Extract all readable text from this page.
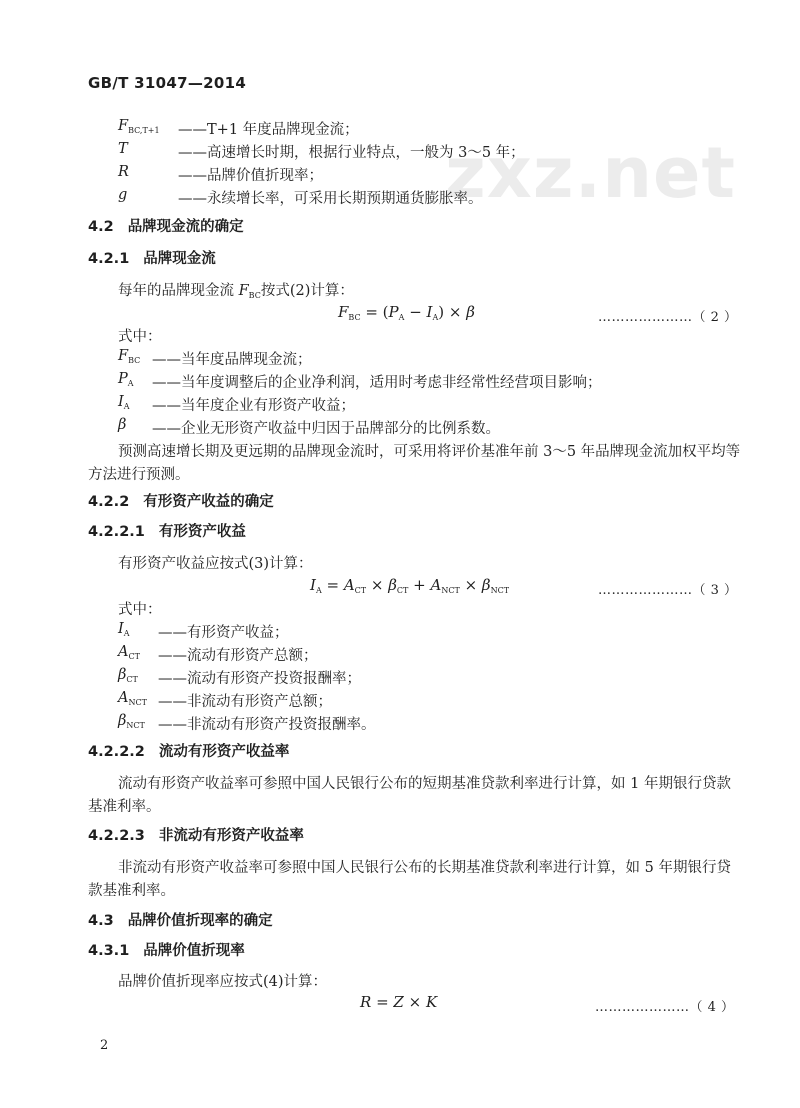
zxz.net
GB/T 31047—2014
$F_{BC,T+1}$ ——T+1 年度品牌现金流；
T	——高速增长时期，根据行业特点，一般为 3～5 年；
R	——品牌价值折现率；
g	——永续增长率，可采用长期预期通货膨胀率。
4.2 品牌现金流的确定
4.2.1 品牌现金流
每年的品牌现金流 $F_{BC}$按式(2)计算：
$F_{BC} = (P_A - I_A) \times \beta$	…………………（ 2 ）
式中：
$F_{BC}$ ——当年度品牌现金流；
$P_A$ ——当年度调整后的企业净利润，适用时考虑非经常性经营项目影响；
$I_A$ ——当年度企业有形资产收益；
β ——企业无形资产收益中归因于品牌部分的比例系数。
预测高速增长期及更远期的品牌现金流时，可采用将评价基准年前 3～5 年品牌现金流加权平均等
方法进行预测。
4.2.2 有形资产收益的确定
4.2.2.1 有形资产收益
有形资产收益应按式(3)计算：
$I_A = A_{CT} \times \beta_{CT} + A_{NCT} \times \beta_{NCT}$	…………………（ 3 ）
式中：
$I_A$ ——有形资产收益；
$A_{CT}$ ——流动有形资产总额；
$\beta_{CT}$ ——流动有形资产投资报酬率；
$A_{NCT}$ ——非流动有形资产总额；
$\beta_{NCT}$ ——非流动有形资产投资报酬率。
4.2.2.2 流动有形资产收益率
流动有形资产收益率可参照中国人民银行公布的短期基准贷款利率进行计算，如 1 年期银行贷款
基准利率。
4.2.2.3 非流动有形资产收益率
非流动有形资产收益率可参照中国人民银行公布的长期基准贷款利率进行计算，如 5 年期银行贷
款基准利率。
4.3 品牌价值折现率的确定
4.3.1 品牌价值折现率
品牌价值折现率应按式(4)计算：
R = Z × K	…………………（ 4 ）
2
